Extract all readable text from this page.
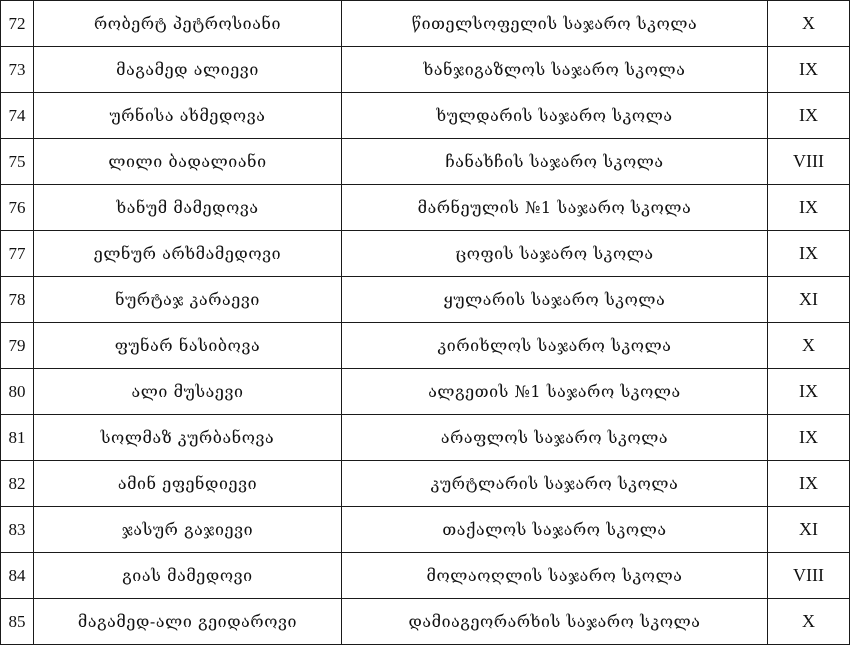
72	რობერტ პეტროსიანი	წითელსოფელის საჯარო სკოლა	X
73	მაგამედ ალიევი	ხანჯიგაზლოს საჯარო სკოლა	IX
74	ურნისა ახმედოვა	ხულდარის საჯარო სკოლა	IX
75	ლილი ბადალიანი	ჩანახჩის საჯარო სკოლა	VIII
76	ხანუმ მამედოვა	მარნეულის №1 საჯარო სკოლა	IX
77	ელნურ არხმამედოვი	ცოფის საჯარო სკოლა	IX
78	ნურტაჯ კარაევი	ყულარის საჯარო სკოლა	XI
79	ფუნარ ნასიბოვა	კირიხლოს საჯარო სკოლა	X
80	ალი მუსაევი	ალგეთის №1 საჯარო სკოლა	IX
81	სოლმაზ კურბანოვა	არაფლოს საჯარო სკოლა	IX
82	ამინ ეფენდიევი	კურტლარის საჯარო სკოლა	IX
83	ჯასურ გაჯიევი	თაქალოს საჯარო სკოლა	XI
84	გიას მამედოვი	მოლაოღლის საჯარო სკოლა	VIII
85	მაგამედ-ალი გეიდაროვი	დამიაგეორარხის საჯარო სკოლა	X
